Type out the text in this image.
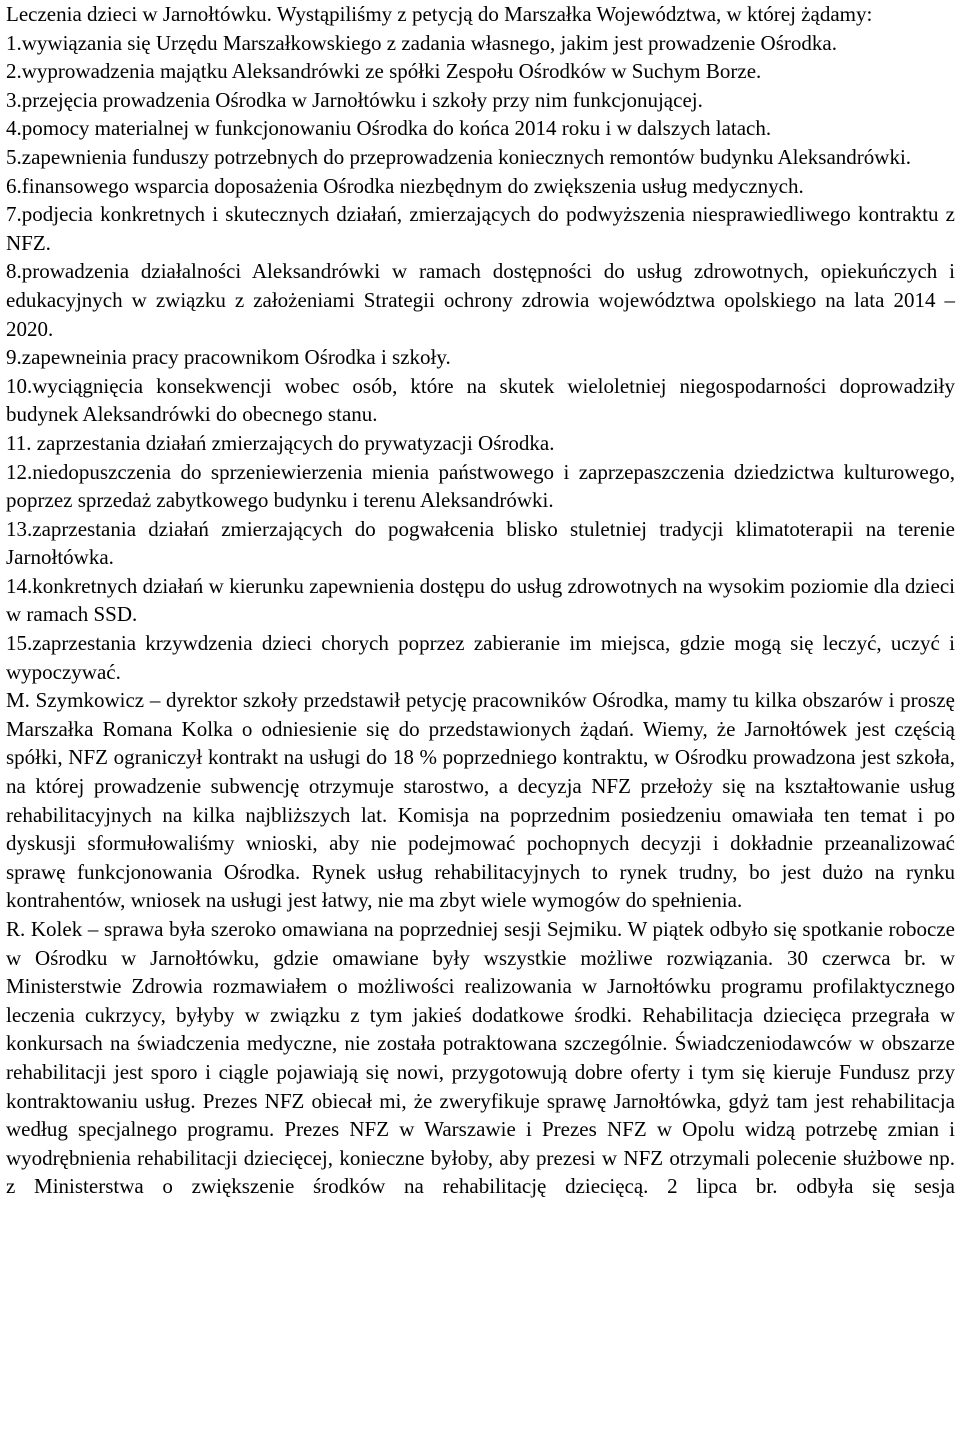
Leczenia dzieci w Jarnołtówku. Wystąpiliśmy z petycją do Marszałka Województwa, w której żądamy:

1.wywiązania się Urzędu Marszałkowskiego z zadania własnego, jakim jest prowadzenie Ośrodka.

2.wyprowadzenia majątku Aleksandrówki ze spółki Zespołu Ośrodków w Suchym Borze.

3.przejęcia prowadzenia Ośrodka w Jarnołtówku i szkoły przy nim funkcjonującej.

4.pomocy materialnej w funkcjonowaniu Ośrodka do końca 2014 roku i w dalszych latach.

5.zapewnienia funduszy potrzebnych do przeprowadzenia koniecznych remontów budynku Aleksandrówki.

6.finansowego wsparcia doposażenia Ośrodka niezbędnym do zwiększenia usług medycznych.

7.podjecia konkretnych i skutecznych działań, zmierzających do podwyższenia niesprawiedliwego kontraktu z NFZ.

8.prowadzenia działalności Aleksandrówki w ramach dostępności do usług zdrowotnych, opiekuńczych i edukacyjnych w związku z założeniami Strategii ochrony zdrowia województwa opolskiego na lata 2014 – 2020.

9.zapewneinia pracy pracownikom Ośrodka i szkoły.

10.wyciągnięcia konsekwencji wobec osób, które na skutek wieloletniej niegospodarności doprowadziły budynek Aleksandrówki do obecnego stanu.

11. zaprzestania działań zmierzających do prywatyzacji Ośrodka.

12.niedopuszczenia do sprzeniewierzenia mienia państwowego i zaprzepaszczenia dziedzictwa kulturowego, poprzez sprzedaż zabytkowego budynku i terenu Aleksandrówki.

13.zaprzestania działań zmierzających do pogwałcenia blisko stuletniej tradycji klimatoterapii na terenie Jarnołtówka.

14.konkretnych działań w kierunku zapewnienia dostępu do usług zdrowotnych na wysokim poziomie dla dzieci w ramach SSD.

15.zaprzestania krzywdzenia dzieci chorych poprzez zabieranie im miejsca, gdzie mogą się leczyć, uczyć i wypoczywać.

M. Szymkowicz – dyrektor szkoły przedstawił petycję pracowników Ośrodka, mamy tu kilka obszarów i proszę Marszałka Romana Kolka o odniesienie się do przedstawionych żądań. Wiemy, że Jarnołtówek jest częścią spółki, NFZ ograniczył kontrakt na usługi do 18 % poprzedniego kontraktu, w Ośrodku prowadzona jest szkoła, na której prowadzenie subwencję otrzymuje starostwo, a decyzja NFZ przełoży się na kształtowanie usług rehabilitacyjnych na kilka najbliższych lat. Komisja na poprzednim posiedzeniu omawiała ten temat i po dyskusji sformułowaliśmy wnioski, aby nie podejmować pochopnych decyzji i dokładnie przeanalizować sprawę funkcjonowania Ośrodka. Rynek usług rehabilitacyjnych to rynek trudny, bo jest dużo na rynku kontrahentów, wniosek na usługi jest łatwy, nie ma zbyt wiele wymogów do spełnienia.

R. Kolek – sprawa była szeroko omawiana na poprzedniej sesji Sejmiku. W piątek odbyło się spotkanie robocze w Ośrodku w Jarnołtówku, gdzie omawiane były wszystkie możliwe rozwiązania. 30 czerwca br. w Ministerstwie Zdrowia rozmawiałem o możliwości realizowania w Jarnołtówku programu profilaktycznego leczenia cukrzycy, byłyby w związku z tym jakieś dodatkowe środki. Rehabilitacja dziecięca przegrała w konkursach na świadczenia medyczne, nie została potraktowana szczególnie. Świadczeniodawców w obszarze rehabilitacji jest sporo i ciągle pojawiają się nowi, przygotowują dobre oferty i tym się kieruje Fundusz przy kontraktowaniu usług. Prezes NFZ obiecał mi, że zweryfikuje sprawę Jarnołtówka, gdyż tam jest rehabilitacja według specjalnego programu. Prezes NFZ w Warszawie i Prezes NFZ w Opolu widzą potrzebę zmian i wyodrębnienia rehabilitacji dziecięcej, konieczne byłoby, aby prezesi w NFZ otrzymali polecenie służbowe np. z Ministerstwa o zwiększenie środków na rehabilitację dziecięcą. 2 lipca br. odbyła się sesja
